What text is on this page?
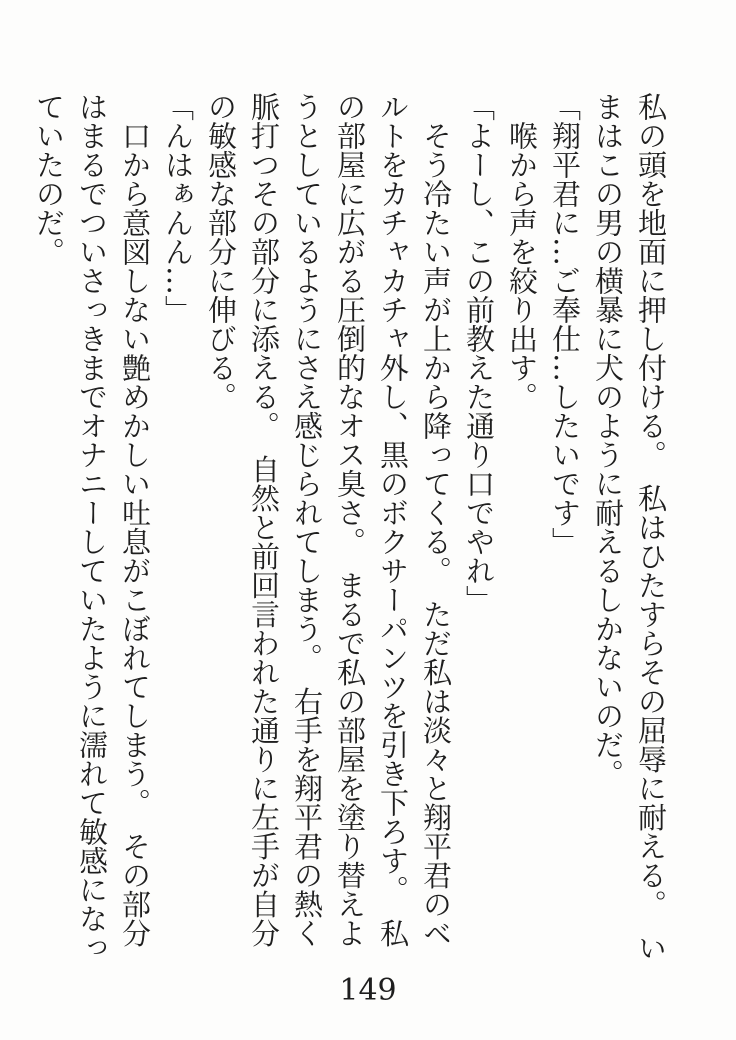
私の頭を地面に押し付ける。　私はひたすらその屈辱に耐える。　いまはこの男の横暴に犬のように耐えるしかないのだ。

「翔平君に…ご奉仕…したいです」

喉から声を絞り出す。

「よーし、この前教えた通り口でやれ」

そう冷たい声が上から降ってくる。　ただ私は淡々と翔平君のベルトをカチャカチャ外し、黒のボクサーパンツを引き下ろす。　私の部屋に広がる圧倒的なオス臭さ。　まるで私の部屋を塗り替えようとしているようにさえ感じられてしまう。　右手を翔平君の熱く脈打つその部分に添える。　自然と前回言われた通りに左手が自分の敏感な部分に伸びる。

「んはぁんん…」

口から意図しない艶めかしい吐息がこぼれてしまう。　その部分はまるでついさっきまでオナニーしていたように濡れて敏感になっていたのだ。

149
